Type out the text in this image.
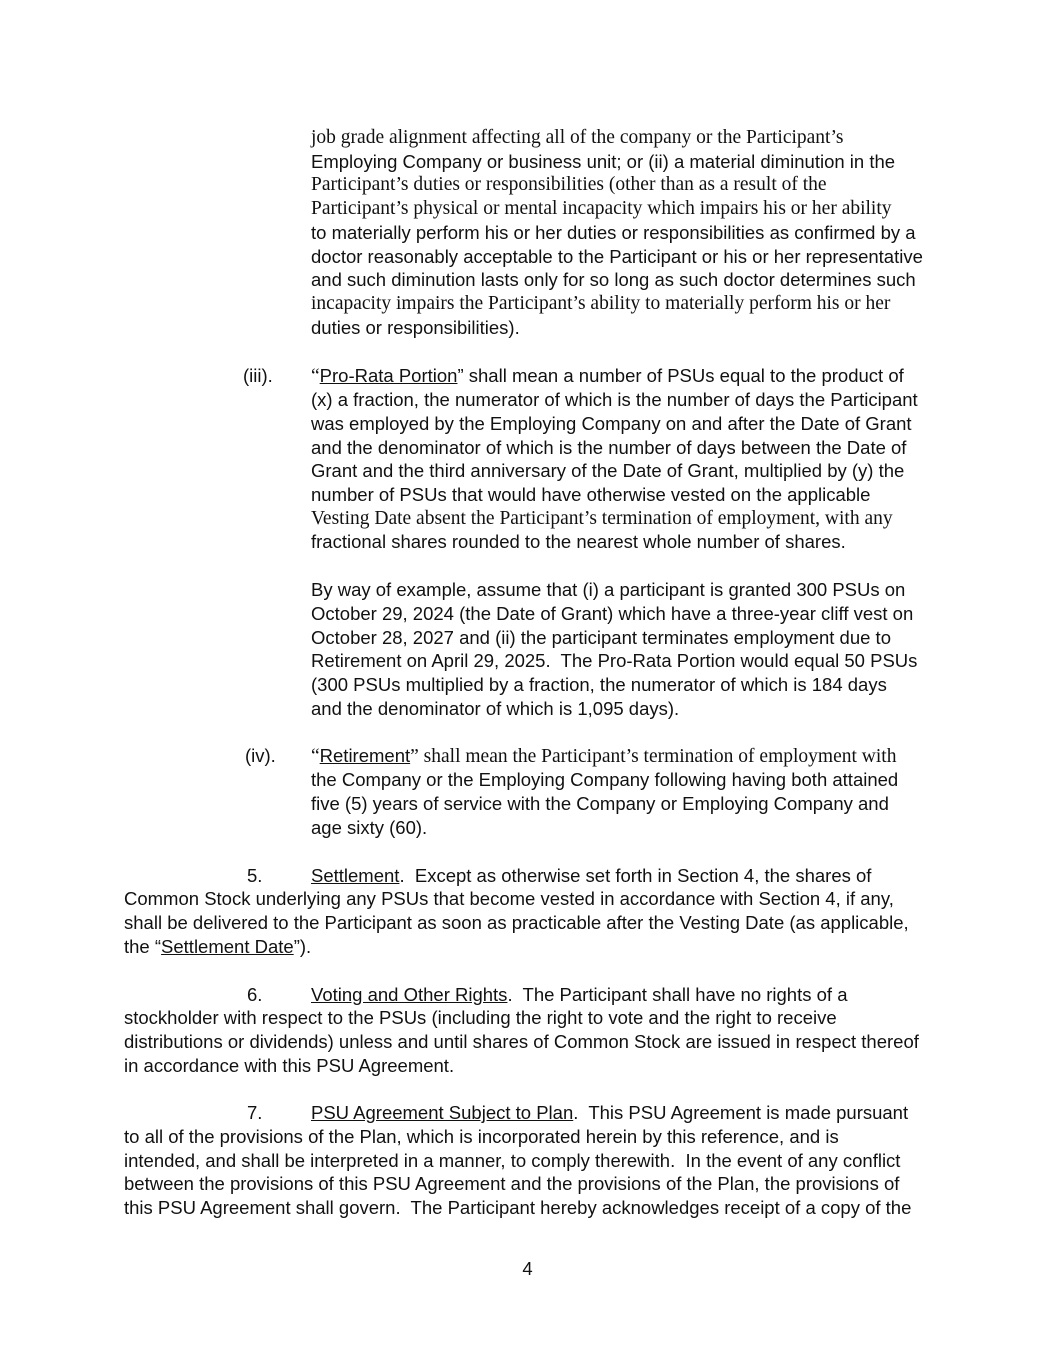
job grade alignment affecting all of the company or the Participant’s
Employing Company or business unit; or (ii) a material diminution in the
Participant’s duties or responsibilities (other than as a result of the
Participant’s physical or mental incapacity which impairs his or her ability
to materially perform his or her duties or responsibilities as confirmed by a
doctor reasonably acceptable to the Participant or his or her representative
and such diminution lasts only for so long as such doctor determines such
incapacity impairs the Participant’s ability to materially perform his or her
duties or responsibilities).
(iii). “Pro-Rata Portion” shall mean a number of PSUs equal to the product of
(x) a fraction, the numerator of which is the number of days the Participant
was employed by the Employing Company on and after the Date of Grant
and the denominator of which is the number of days between the Date of
Grant and the third anniversary of the Date of Grant, multiplied by (y) the
number of PSUs that would have otherwise vested on the applicable
Vesting Date absent the Participant’s termination of employment, with any
fractional shares rounded to the nearest whole number of shares.
By way of example, assume that (i) a participant is granted 300 PSUs on
October 29, 2024 (the Date of Grant) which have a three-year cliff vest on
October 28, 2027 and (ii) the participant terminates employment due to
Retirement on April 29, 2025.  The Pro-Rata Portion would equal 50 PSUs
(300 PSUs multiplied by a fraction, the numerator of which is 184 days
and the denominator of which is 1,095 days).
(iv). “Retirement” shall mean the Participant’s termination of employment with
the Company or the Employing Company following having both attained
five (5) years of service with the Company or Employing Company and
age sixty (60).
5.	Settlement.  Except as otherwise set forth in Section 4, the shares of
Common Stock underlying any PSUs that become vested in accordance with Section 4, if any,
shall be delivered to the Participant as soon as practicable after the Vesting Date (as applicable,
the “Settlement Date”).
6.	Voting and Other Rights.  The Participant shall have no rights of a
stockholder with respect to the PSUs (including the right to vote and the right to receive
distributions or dividends) unless and until shares of Common Stock are issued in respect thereof
in accordance with this PSU Agreement.
7.	PSU Agreement Subject to Plan.  This PSU Agreement is made pursuant
to all of the provisions of the Plan, which is incorporated herein by this reference, and is
intended, and shall be interpreted in a manner, to comply therewith.  In the event of any conflict
between the provisions of this PSU Agreement and the provisions of the Plan, the provisions of
this PSU Agreement shall govern.  The Participant hereby acknowledges receipt of a copy of the
4
